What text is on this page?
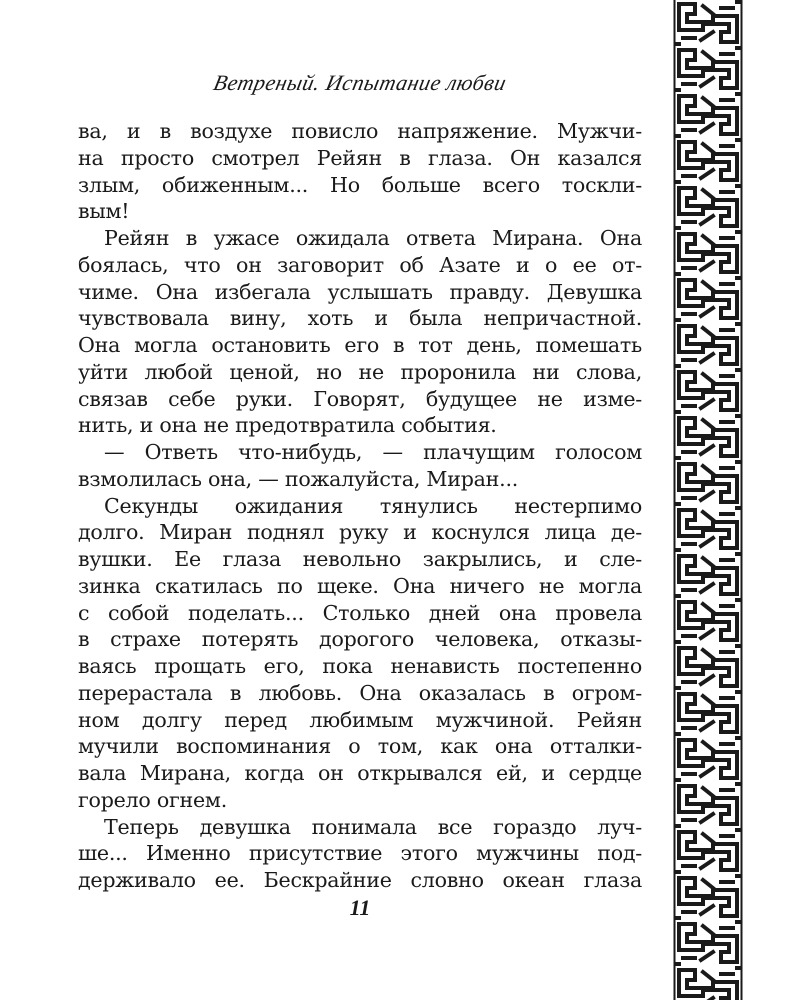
Ветреный. Испытание любви

ва, и в воздухе повисло напряжение. Мужчи-
на просто смотрел Рейян в глаза. Он казался
злым, обиженным... Но больше всего тоскли-
вым!

Рейян в ужасе ожидала ответа Мирана. Она
боялась, что он заговорит об Азате и о ее от-
чиме. Она избегала услышать правду. Девушка
чувствовала вину, хоть и была непричастной.
Она могла остановить его в тот день, помешать
уйти любой ценой, но не проронила ни слова,
связав себе руки. Говорят, будущее не изме-
нить, и она не предотвратила события.

— Ответь что-нибудь, — плачущим голосом
взмолилась она, — пожалуйста, Миран...

Секунды ожидания тянулись нестерпимо
долго. Миран поднял руку и коснулся лица де-
вушки. Ее глаза невольно закрылись, и сле-
зинка скатилась по щеке. Она ничего не могла
с собой поделать... Столько дней она провела
в страхе потерять дорогого человека, отказы-
ваясь прощать его, пока ненависть постепенно
перерастала в любовь. Она оказалась в огром-
ном долгу перед любимым мужчиной. Рейян
мучили воспоминания о том, как она отталки-
вала Мирана, когда он открывался ей, и сердце
горело огнем.

Теперь девушка понимала все гораздо луч-
ше... Именно присутствие этого мужчины под-
держивало ее. Бескрайние словно океан глаза

11
